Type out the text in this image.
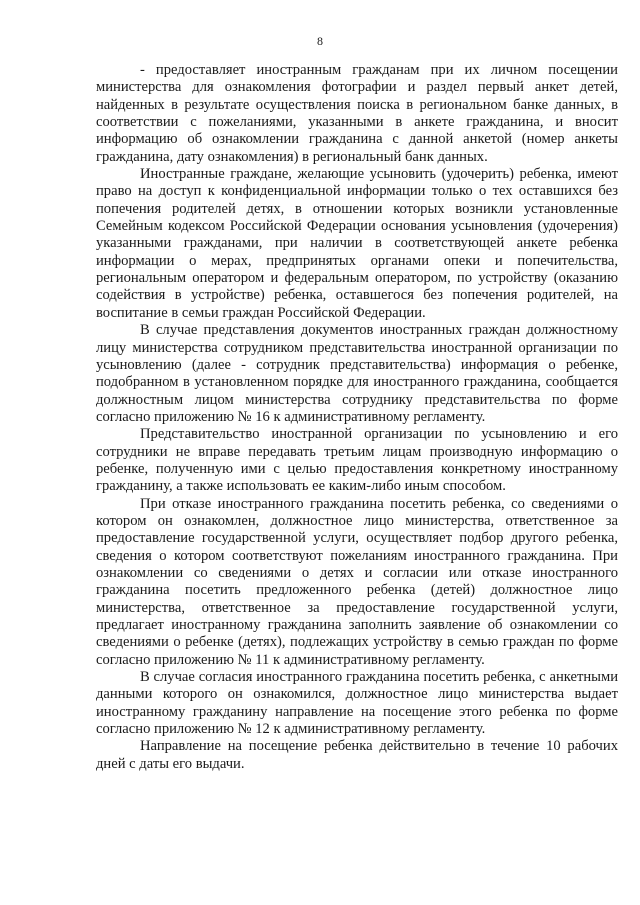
8

- предоставляет иностранным гражданам при их личном посещении министерства для ознакомления фотографии и раздел первый анкет детей, найденных в результате осуществления поиска в региональном банке данных, в соответствии с пожеланиями, указанными в анкете гражданина, и вносит информацию об ознакомлении гражданина с данной анкетой (номер анкеты гражданина, дату ознакомления) в региональный банк данных.

Иностранные граждане, желающие усыновить (удочерить) ребенка, имеют право на доступ к конфиденциальной информации только о тех оставшихся без попечения родителей детях, в отношении которых возникли установленные Семейным кодексом Российской Федерации основания усыновления (удочерения) указанными гражданами, при наличии в соответствующей анкете ребенка информации о мерах, предпринятых органами опеки и попечительства, региональным оператором и федеральным оператором, по устройству (оказанию содействия в устройстве) ребенка, оставшегося без попечения родителей, на воспитание в семьи граждан Российской Федерации.

В случае представления документов иностранных граждан должностному лицу министерства сотрудником представительства иностранной организации по усыновлению (далее - сотрудник представительства) информация о ребенке, подобранном в установленном порядке для иностранного гражданина, сообщается должностным лицом министерства сотруднику представительства по форме согласно приложению № 16 к административному регламенту.

Представительство иностранной организации по усыновлению и его сотрудники не вправе передавать третьим лицам производную информацию о ребенке, полученную ими с целью предоставления конкретному иностранному гражданину, а также использовать ее каким-либо иным способом.

При отказе иностранного гражданина посетить ребенка, со сведениями о котором он ознакомлен, должностное лицо министерства, ответственное за предоставление государственной услуги, осуществляет подбор другого ребенка, сведения о котором соответствуют пожеланиям иностранного гражданина. При ознакомлении со сведениями о детях и согласии или отказе иностранного гражданина посетить предложенного ребенка (детей) должностное лицо министерства, ответственное за предоставление государственной услуги, предлагает иностранному гражданина заполнить заявление об ознакомлении со сведениями о ребенке (детях), подлежащих устройству в семью граждан по форме согласно приложению № 11 к административному регламенту.

В случае согласия иностранного гражданина посетить ребенка, с анкетными данными которого он ознакомился, должностное лицо министерства выдает иностранному гражданину направление на посещение этого ребенка по форме согласно приложению № 12 к административному регламенту.

Направление на посещение ребенка действительно в течение 10 рабочих дней с даты его выдачи.
